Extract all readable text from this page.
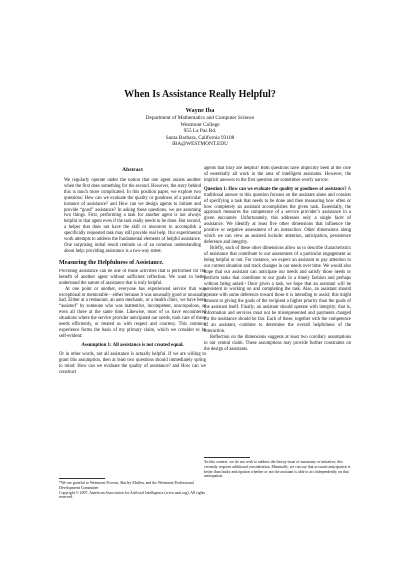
When Is Assistance Really Helpful?
Wayne Iba
Department of Mathematics and Computer Science
Westmont College
955 La Paz Rd.
Santa Barbara, California 93108
IBA@WESTMONT.EDU
Abstract

We regularly operate under the notion that one agent assists another when the first does something for the second. However, the story behind this is much more complicated. In this position paper, we explore two questions: How can we evaluate the quality or goodness of a particular instance of assistance? and How can we design agents to initiate and provide “good” assistance? In asking these questions, we are assuming two things. First, performing a task for another agent is not always helpful to that agent even if the task really needs to be done. But second, a helper that does not have the skill or resources to accomplish a specifically requested task may still provide real help. Our experimental work attempts to address the fundamental elements of helpful assistance. One surprising initial result reminds us of an common understanding about help: providing assistance is a two-way street.

Measuring the Helpfulness of Assistance.

Providing assistance can be one of those activities that is performed for the benefit of another agent without sufficient reflection. We want to better understand the nature of assistance that is truly helpful.

At one point or another, everyone has experienced service that was exceptional or memorable – either because it was unusually good or unusually bad. Either at a restaurant, an auto mechanic, or a health clinic, we have been “assisted” by someone who was inattentive, incompetent, unscrupulous, or even all three at the same time. Likewise, most of us have encountered situations where the service provider anticipated our needs, took care of those needs efficiently, or treated us with respect and courtesy. This common experience forms the basis of my primary claim, which we consider to be self-evident:

Assumption 1: All assistance is not created equal.

Or in other words, not all assistance is actually helpful. If we are willing to grant this assumption, then at least two questions should immediately spring to mind: How can we evaluate the quality of assistance? and How can we construct

*We are grateful to Westmont Provost, Shirley Mullen, and the Westmont Professional Development Committee.

Copyright © 2007, American Association for Artificial Intelligence (www.aaai.org). All rights reserved.

agents that truly are helpful? Both questions have implicitly been at the core of essentially all work in the area of intelligent assistants. However, the implicit answers to the first question are sometimes overly narrow.

Question 1: How can we evaluate the quality or goodness of assistance? A traditional answer to this question focuses on the assistant alone and consists of specifying a task that needs to be done and then measuring how often or how completely an assistant accomplishes the given task. Essentially, the approach measures the competence of a service provider’s assistance in a given encounter. Unfortunately, this addresses only a single facet of assistance. We identify at least five other dimensions that influence the positive or negative assessment of an interaction. Other dimensions along which we can view an assisted include: attention, anticipation, persistence deference and integrity.

Briefly, each of these other dimensions allow us to describe characteristics of assistance that contribute to our assessment of a particular engagement as being helpful or not. For instance, we expect an assistant to pay attention to our current situation and track changes in our needs over time. We would also hope that our assistant can anticipate our needs and satisfy those needs or perform tasks that contribute to our goals in a timely fashion and perhaps without being asked.¹ Once given a task, we hope that an assistant will be persistent in working on and completing the task. Also, an assistant should operate with some deference toward those it is intending to assist; this might amount to giving the goals of the recipient a higher priority than the goals of the assistant itself. Finally, an assistant should operate with integrity; that is, information and services must not be misrepresented and payments charged for the assistance should be fair. Each of these, together with the competence of an assistant, combine to determine the overall helpfulness of the interaction.

Reflection on the dimensions suggests at least two corollary assumptions to our central claim. These assumptions may provide further constraints on the design of assistants.

¹In this context, we do not wish to address the thorny issue of autonomy or initiative; this certainly requires additional consideration. Minimally, we can say that accurate anticipation is better than faulty anticipation whether or not the assistant is able to act independently on that anticipation.
